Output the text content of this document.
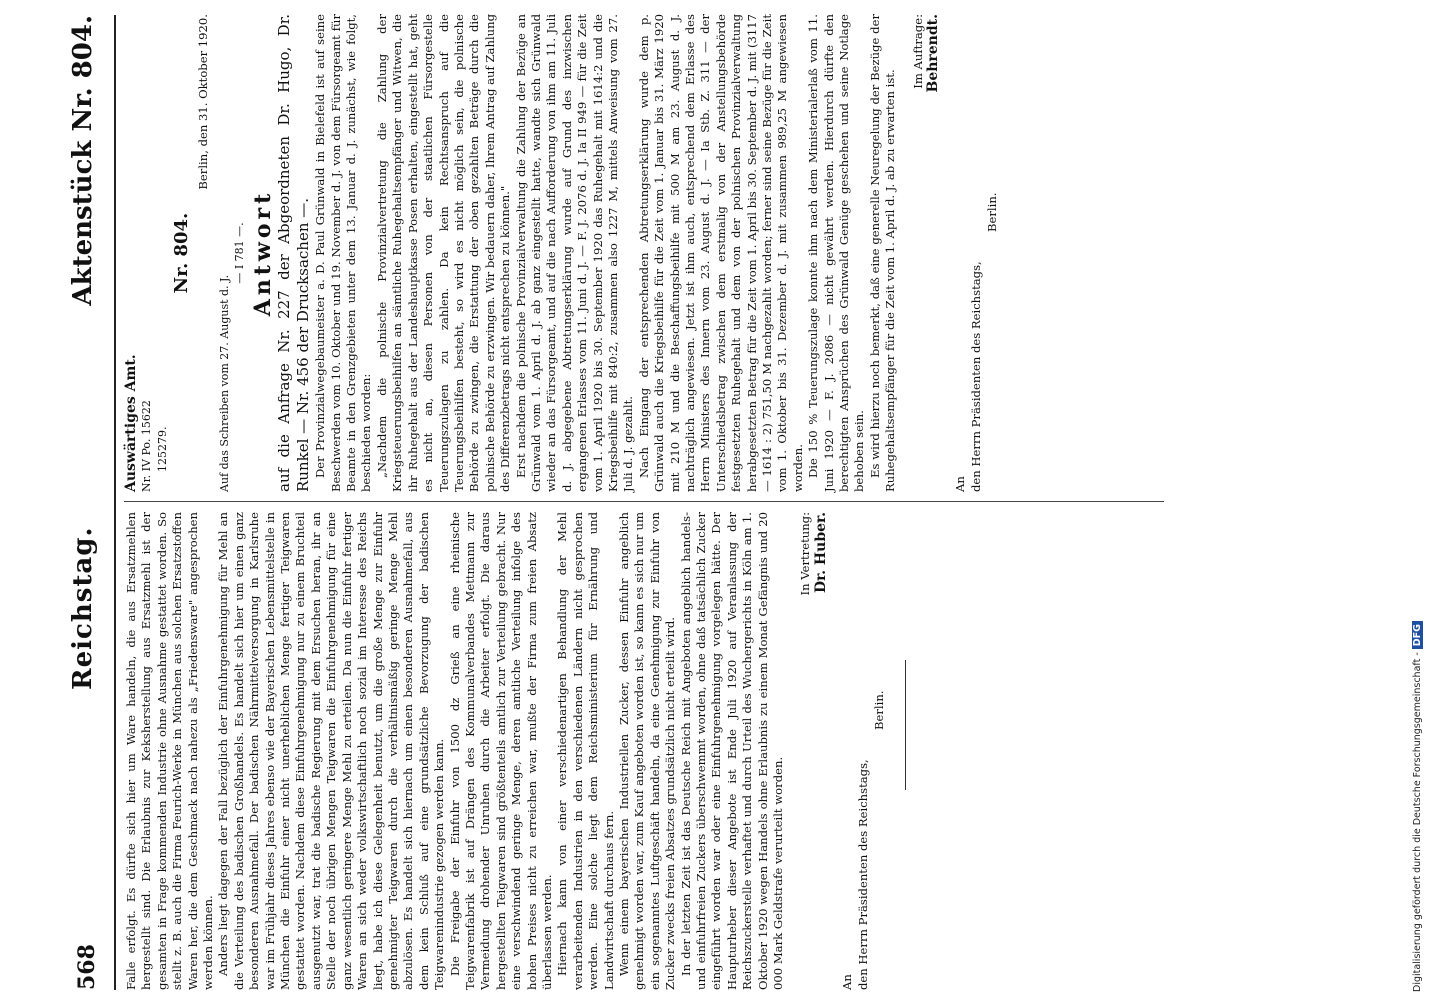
568
Reichstag.
Aktenstück Nr. 804.

Falle erfolgt. Es dürfte sich hier um Ware handeln, die aus Ersatzmehlen hergestellt sind. Die Erlaubnis zur Keksherstellung aus Ersatzmehl ist der gesamten in Frage kommenden Industrie ohne Ausnahme gestattet worden. So stellt z. B. auch die Firma Feurich-Werke in München aus solchen Ersatzstoffen Waren her, die dem Geschmack nach nahezu als „Friedensware" angesprochen werden können. Anders liegt dagegen der Fall bezüglich der Einfuhrgenehmigung für Mehl an die Verteilung des badischen Großhandels. Es handelt sich hier um einen ganz besonderen Ausnahmefall. Der badischen Nährmittelversorgung in Karlsruhe war im Frühjahr dieses Jahres ebenso wie der Bayerischen Lebensmittelstelle in München die Einfuhr einer nicht unerheblichen Menge fertiger Teigwaren gestattet worden. Nachdem diese Einfuhrgenehmigung nur zu einem Bruchteil ausgenutzt war, trat die badische Regierung mit dem Ersuchen heran, ihr an Stelle der noch übrigen Mengen Teigwaren die Einfuhrgenehmigung für eine ganz wesentlich geringere Menge Mehl zu erteilen. Da nun die Einfuhr fertiger Waren an sich weder volkswirtschaftlich noch sozial im Interesse des Reichs liegt, habe ich diese Gelegenheit benutzt, um die große Menge zur Einfuhr genehmigter Teigwaren durch die verhältnismäßig geringe Menge Mehl abzulösen. Es handelt sich hiernach um einen besonderen Ausnahmefall, aus dem kein Schluß auf eine grundsätzliche Bevorzugung der badischen Teigwarenindustrie gezogen werden kann. Die Freigabe der Einfuhr von 1500 dz Grieß an eine rheinische Teigwarenfabrik ist auf Drängen des Kommunalverbandes Mettmann zur Vermeidung drohender Unruhen durch die Arbeiter erfolgt. Die daraus hergestellten Teigwaren sind größtenteils amtlich zur Verteilung gebracht. Nur eine verschwindend geringe Menge, deren amtliche Verteilung infolge des hohen Preises nicht zu erreichen war, mußte der Firma zum freien Absatz überlassen werden. Hiernach kann von einer verschiedenartigen Behandlung der Mehl verarbeitenden Industrien in den verschiedenen Ländern nicht gesprochen werden. Eine solche liegt dem Reichsministerium für Ernährung und Landwirtschaft durchaus fern. Wenn einem bayerischen Industriellen Zucker, dessen Einfuhr angeblich genehmigt worden war, zum Kauf angeboten worden ist, so kann es sich nur um ein sogenanntes Luftgeschäft handeln, da eine Genehmigung zur Einfuhr von Zucker zwecks freien Absatzes grundsätzlich nicht erteilt wird. In der letzten Zeit ist das Deutsche Reich mit Angeboten angeblich handels- und einfuhrfreien Zuckers überschwemmt worden, ohne daß tatsächlich Zucker eingeführt worden war oder eine Einfuhrgenehmigung vorgelegen hätte. Der Haupturheber dieser Angebote ist Ende Juli 1920 auf Veranlassung der Reichszuckerstelle verhaftet und durch Urteil des Wuchergerichts in Köln am 1. Oktober 1920 wegen Handels ohne Erlaubnis zu einem Monat Gefängnis und 20 000 Mark Geldstrafe verurteilt worden.

In Vertretung: Dr. Huber.
An den Herrn Präsidenten des Reichstags,
Berlin.
Auswärtiges Amt. Nr. IV Po. 15622 125279.
Nr. 804.
Berlin, den 31. Oktober 1920.
Auf das Schreiben vom 27. August d. J.
— I 781 —. Antwort auf die Anfrage Nr. 227 der Abgeordneten Dr. Hugo, Dr. Runkel — Nr. 456 der Drucksachen —. Der Provinzialwegebaumeister a. D. Paul Grünwald in Bielefeld ist auf seine Beschwerden vom 10. Oktober und 19. November d. J. von dem Fürsorgeamt für Beamte in den Grenzgebieten unter dem 13. Januar d. J. zunächst, wie folgt, beschieden worden: „Nachdem die polnische Provinzialvertretung die Zahlung der Kriegsteuerungsbeihilfen an sämtliche Ruhegehaltsempfänger und Witwen, die ihr Ruhegehalt aus der Landeshauptkasse Posen erhalten, eingestellt hat, geht es nicht an, diesen Personen von der staatlichen Fürsorgestelle Teuerungszulagen zu zahlen. Da kein Rechtsanspruch auf die Teuerungsbeihilfen besteht, so wird es nicht möglich sein, die polnische Behörde zu zwingen, die Erstattung der oben gezahlten Beträge durch die polnische Behörde zu erzwingen. Wir bedauern daher, Ihrem Antrag auf Zahlung des Differenzbetrags nicht entsprechen zu können." Erst nachdem die polnische Provinzialverwaltung die Zahlung der Bezüge an Grünwald vom 1. April d. J. ab ganz eingestellt hatte, wandte sich Grünwald wieder an das Fürsorgeamt, und auf die nach Aufforderung von ihm am 11. Juli d. J. abgegebene Abtretungserklärung wurde auf Grund des inzwischen ergangenen Erlasses vom 11. Juni d. J. — F. J. 2076 d. J. Ia II 949 — für die Zeit vom 1. April 1920 bis 30. September 1920 das Ruhegehalt mit 1614:2 und die Kriegsbeihilfe mit 840:2, zusammen also 1227 M, mittels Anweisung vom 27. Juli d. J. gezahlt. Nach Eingang der entsprechenden Abtretungserklärung wurde dem p. Grünwald auch die Kriegsbeihilfe für die Zeit vom 1. Januar bis 31. März 1920 mit 210 M und die Beschaffungsbeihilfe mit 500 M am 23. August d. J. nachträglich angewiesen. Jetzt ist ihm auch, entsprechend dem Erlasse des Herrn Ministers des Innern vom 23. August d. J. — Ia Stb. Z. 311 — der Unterschiedsbetrag zwischen dem erstmalig von der Anstellungsbehörde festgesetzten Ruhegehalt und dem von der polnischen Provinzialverwaltung herabgesetzten Betrag für die Zeit vom 1. April bis 30. September d. J. mit (3117 — 1614 : 2) 751,50 M nachgezahlt worden; ferner sind seine Bezüge für die Zeit vom 1. Oktober bis 31. Dezember d. J. mit zusammen 989,25 M angewiesen worden. Die 150 % Teuerungszulage konnte ihm nach dem Ministerialerlaß vom 11. Juni 1920 — F. J. 2086 — nicht gewährt werden. Hierdurch dürfte den berechtigten Ansprüchen des Grünwald Genüge geschehen und seine Notlage behoben sein. Es wird hierzu noch bemerkt, daß eine generelle Neuregelung der Bezüge der Ruhegehaltsempfänger für die Zeit vom 1. April d. J. ab zu erwarten ist.

Im Auftrage: Behrendt.
An den Herrn Präsidenten des Reichstags,
Berlin.
Digitalisierung gefördert durch die Deutsche Forschungsgemeinschaft -DFG
